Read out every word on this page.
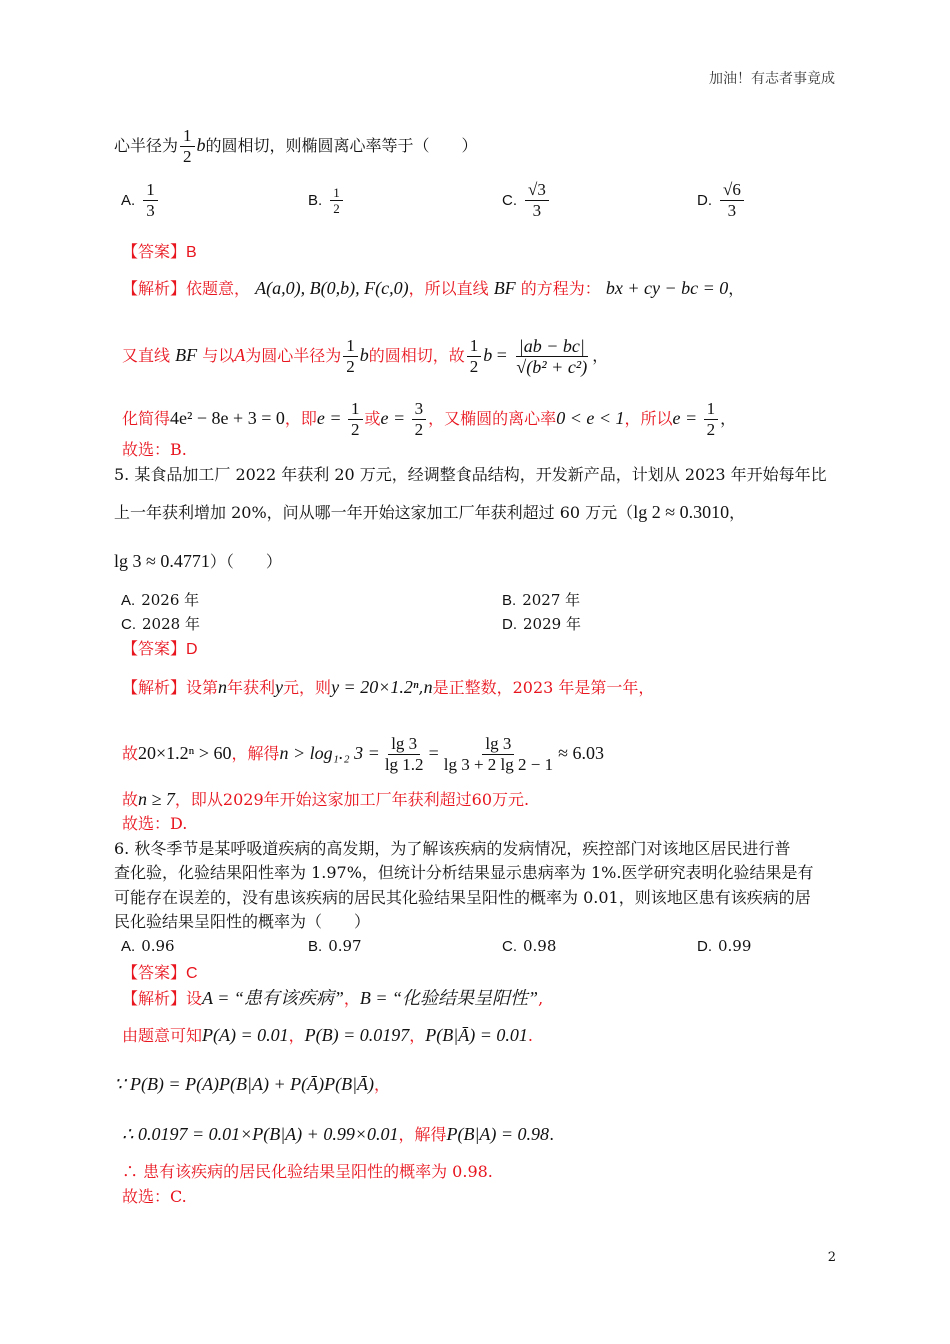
加油！有志者事竟成
心半径为 $\frac{1}{2}$ b的圆相切，则椭圆离心率等于（　　）
A. $\frac{1}{3}$	B. $\frac{1}{2}$	C. $\frac{√3}{3}$	D. $\frac{√6}{3}$
【答案】B
【解析】依题意， A(a,0), B(0,b), F(c,0)，所以直线 BF 的方程为： bx + cy − bc = 0，
又直线 BF 与以A为圆心半径为 $\frac{1}{2}$ b的圆相切，故 $\frac{1}{2}$ $b = \frac{|ab - bc|}{\text{√(b² + c²)}}$ ，
化简得4e² − 8e + 3 = 0，即$e = \frac{1}{2}$ 或$e = \frac{3}{2}$ ，又椭圆的离心率0 < e < 1，所以$e = \frac{1}{2}$ ，
故选：B.
5. 某食品加工厂 2022 年获利 20 万元，经调整食品结构，开发新产品，计划从 2023 年开始每年比
上一年获利增加 20%，问从哪一年开始这家加工厂年获利超过 60 万元（lg 2 ≈ 0.3010，
lg 3 ≈ 0.4771）（　　）
A. 2026 年	B. 2027 年
C. 2028 年	D. 2029 年
【答案】D
【解析】设第n年获利y元，则y = 20×1.2ⁿ,n是正整数，2023 年是第一年，
故20×1.2ⁿ > 60，解得n > log₁.₂ $3 = \frac{\lg 3}{\lg 1.2} = \frac{\lg 3}{\lg 3 + 2 \lg 2 - 1} \approx 6.03$
故n ≥ 7，即从2029年开始这家加工厂年获利超过60万元.
故选：D.
6. 秋冬季节是某呼吸道疾病的高发期，为了解该疾病的发病情况，疾控部门对该地区居民进行普
查化验，化验结果阳性率为 1.97%，但统计分析结果显示患病率为 1%.医学研究表明化验结果是有
可能存在误差的，没有患该疾病的居民其化验结果呈阳性的概率为 0.01，则该地区患有该疾病的居
民化验结果呈阳性的概率为（　　）
A. 0.96	B. 0.97	C. 0.98	D. 0.99
【答案】C
【解析】设A = “患有该疾病”，B = “化验结果呈阳性”,
由题意可知P(A) = 0.01，P(B) = 0.0197，P(B|Ā) = 0.01.
∵ P(B) = P(A)P(B|A) + P(Ā)P(B|Ā)，
∴ 0.0197 = 0.01×P(B|A) + 0.99×0.01，解得P(B|A) = 0.98.
∴ 患有该疾病的居民化验结果呈阳性的概率为 0.98.
故选：C.
2
